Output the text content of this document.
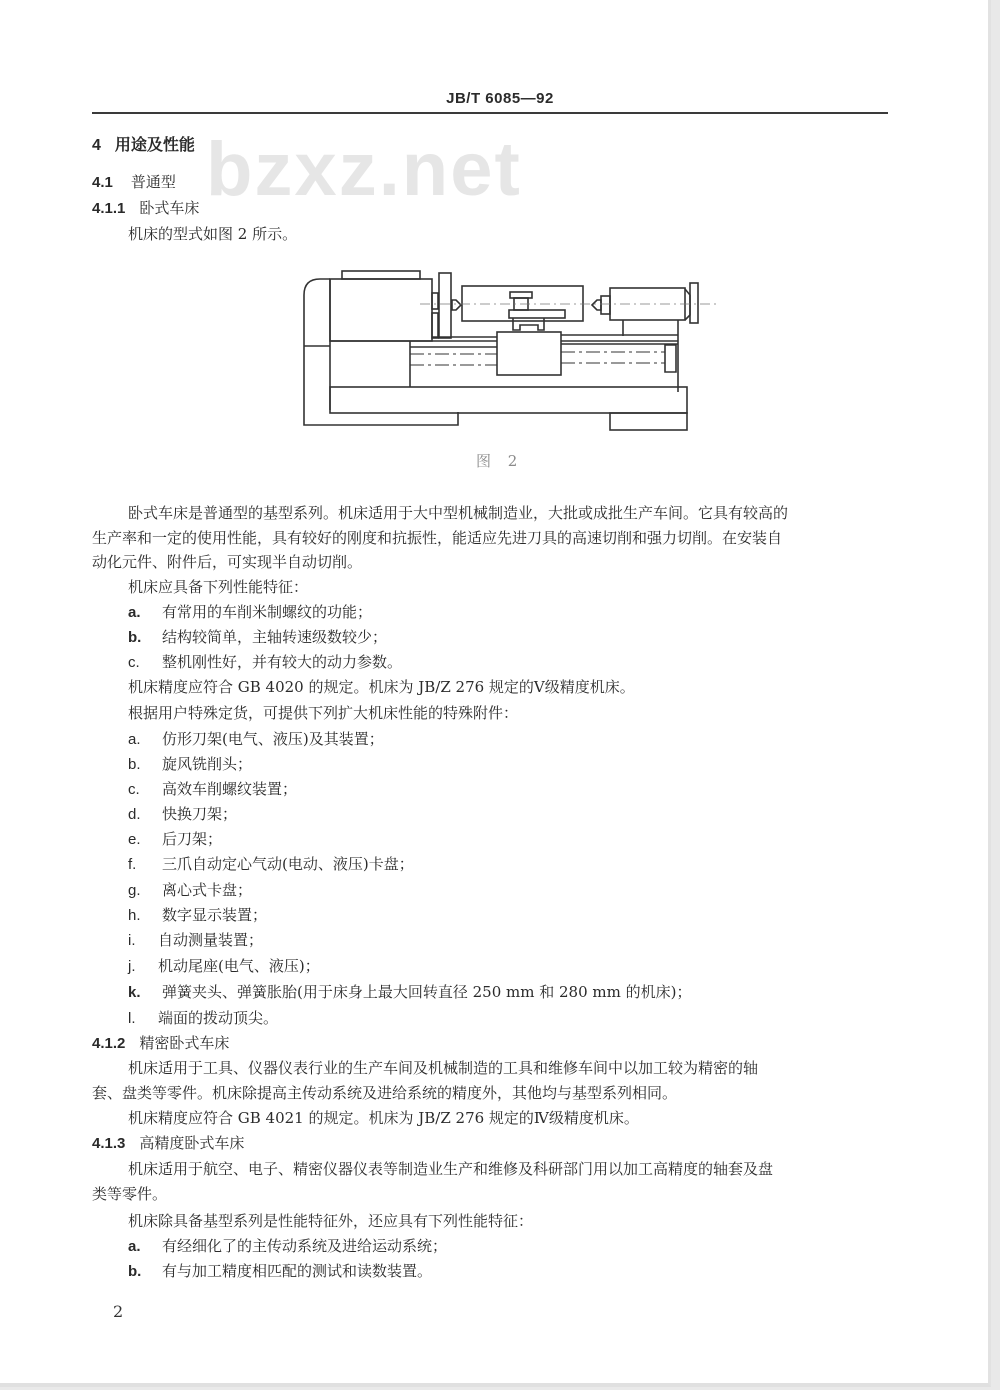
JB/T 6085—92
bzxz.net
4 用途及性能
4.1 普通型
4.1.1 卧式车床
机床的型式如图 2 所示。
图 2
卧式车床是普通型的基型系列。机床适用于大中型机械制造业，大批或成批生产车间。它具有较高的
生产率和一定的使用性能，具有较好的刚度和抗振性，能适应先进刀具的高速切削和强力切削。在安装自
动化元件、附件后，可实现半自动切削。
机床应具备下列性能特征：
a. 有常用的车削米制螺纹的功能；
b. 结构较简单，主轴转速级数较少；
c. 整机刚性好，并有较大的动力参数。
机床精度应符合 GB 4020 的规定。机床为 JB/Z 276 规定的Ⅴ级精度机床。
根据用户特殊定货，可提供下列扩大机床性能的特殊附件：
a. 仿形刀架(电气、液压)及其装置；
b. 旋风铣削头；
c. 高效车削螺纹装置；
d. 快换刀架；
e. 后刀架；
f. 三爪自动定心气动(电动、液压)卡盘；
g. 离心式卡盘；
h. 数字显示装置；
i. 自动测量装置；
j. 机动尾座(电气、液压)；
k. 弹簧夹头、弹簧胀胎(用于床身上最大回转直径 250 mm 和 280 mm 的机床)；
l. 端面的拨动顶尖。
4.1.2 精密卧式车床
机床适用于工具、仪器仪表行业的生产车间及机械制造的工具和维修车间中以加工较为精密的轴
套、盘类等零件。机床除提高主传动系统及进给系统的精度外，其他均与基型系列相同。
机床精度应符合 GB 4021 的规定。机床为 JB/Z 276 规定的Ⅳ级精度机床。
4.1.3 高精度卧式车床
机床适用于航空、电子、精密仪器仪表等制造业生产和维修及科研部门用以加工高精度的轴套及盘
类等零件。
机床除具备基型系列是性能特征外，还应具有下列性能特征：
a. 有经细化了的主传动系统及进给运动系统；
b. 有与加工精度相匹配的测试和读数装置。
2
